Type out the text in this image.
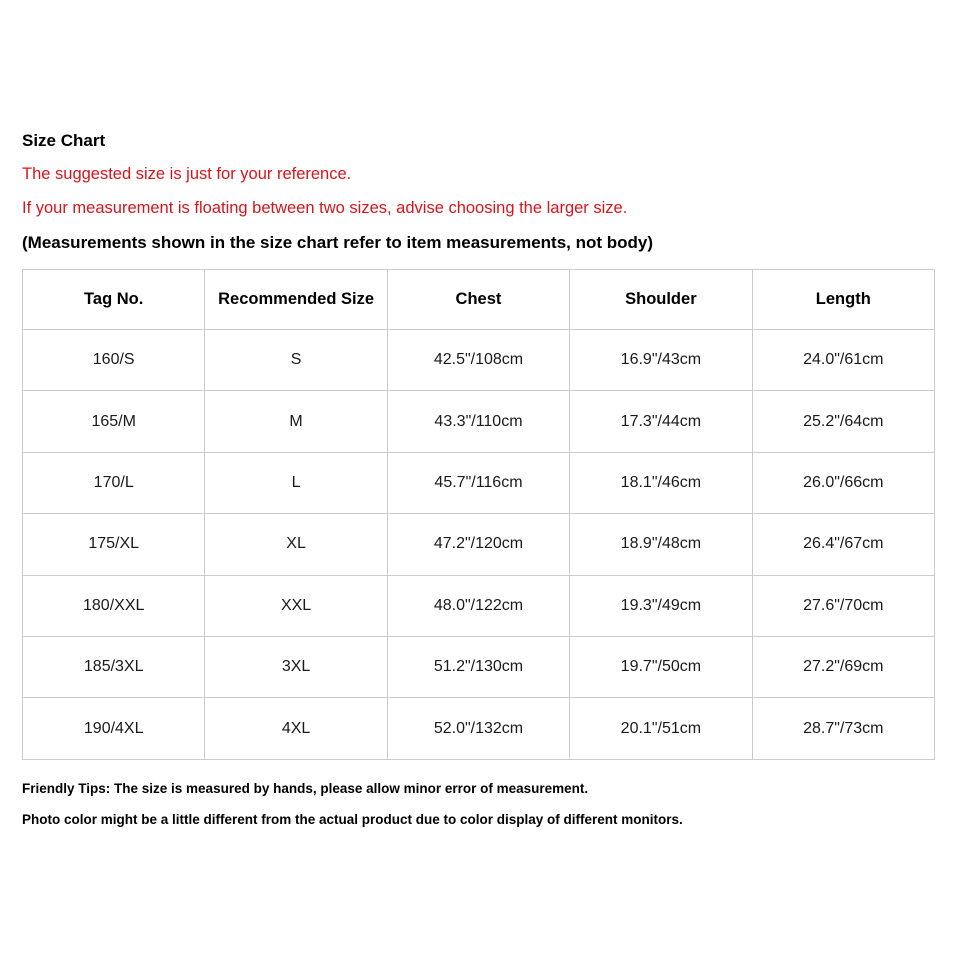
Size Chart

The suggested size is just for your reference.

If your measurement is floating between two sizes, advise choosing the larger size.

(Measurements shown in the size chart refer to item measurements, not body)

Tag No.	Recommended Size	Chest	Shoulder	Length
160/S	S	42.5"/108cm	16.9"/43cm	24.0"/61cm
165/M	M	43.3"/110cm	17.3"/44cm	25.2"/64cm
170/L	L	45.7"/116cm	18.1"/46cm	26.0"/66cm
175/XL	XL	47.2"/120cm	18.9"/48cm	26.4"/67cm
180/XXL	XXL	48.0"/122cm	19.3"/49cm	27.6"/70cm
185/3XL	3XL	51.2"/130cm	19.7"/50cm	27.2"/69cm
190/4XL	4XL	52.0"/132cm	20.1"/51cm	28.7"/73cm

Friendly Tips: The size is measured by hands, please allow minor error of measurement.

Photo color might be a little different from the actual product due to color display of different monitors.
